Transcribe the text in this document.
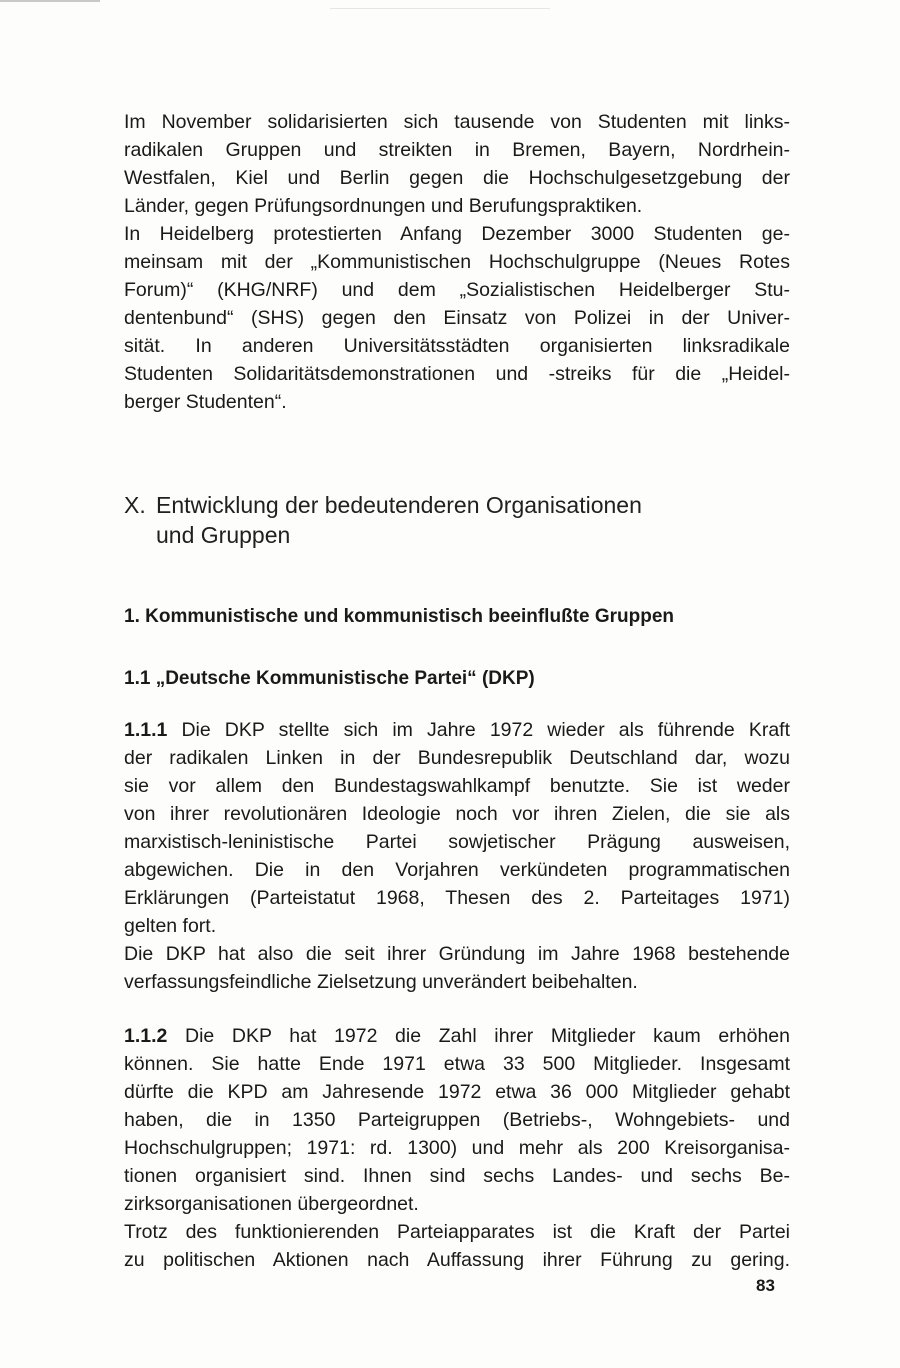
Im November solidarisierten sich tausende von Studenten mit links-
radikalen Gruppen und streikten in Bremen, Bayern, Nordrhein-
Westfalen, Kiel und Berlin gegen die Hochschulgesetzgebung der
Länder, gegen Prüfungsordnungen und Berufungspraktiken.
In Heidelberg protestierten Anfang Dezember 3000 Studenten ge-
meinsam mit der „Kommunistischen Hochschulgruppe (Neues Rotes
Forum)“ (KHG/NRF) und dem „Sozialistischen Heidelberger Stu-
dentenbund“ (SHS) gegen den Einsatz von Polizei in der Univer-
sität. In anderen Universitätsstädten organisierten linksradikale
Studenten Solidaritätsdemonstrationen und -streiks für die „Heidel-
berger Studenten“.
X. Entwicklung der bedeutenderen Organisationen
und Gruppen
1. Kommunistische und kommunistisch beeinflußte Gruppen
1.1 „Deutsche Kommunistische Partei“ (DKP)
1.1.1 Die DKP stellte sich im Jahre 1972 wieder als führende Kraft
der radikalen Linken in der Bundesrepublik Deutschland dar, wozu
sie vor allem den Bundestagswahlkampf benutzte. Sie ist weder
von ihrer revolutionären Ideologie noch vor ihren Zielen, die sie als
marxistisch-leninistische Partei sowjetischer Prägung ausweisen,
abgewichen. Die in den Vorjahren verkündeten programmatischen
Erklärungen (Parteistatut 1968, Thesen des 2. Parteitages 1971)
gelten fort.
Die DKP hat also die seit ihrer Gründung im Jahre 1968 bestehende
verfassungsfeindliche Zielsetzung unverändert beibehalten.
1.1.2 Die DKP hat 1972 die Zahl ihrer Mitglieder kaum erhöhen
können. Sie hatte Ende 1971 etwa 33 500 Mitglieder. Insgesamt
dürfte die KPD am Jahresende 1972 etwa 36 000 Mitglieder gehabt
haben, die in 1350 Parteigruppen (Betriebs-, Wohngebiets- und
Hochschulgruppen; 1971: rd. 1300) und mehr als 200 Kreisorganisa-
tionen organisiert sind. Ihnen sind sechs Landes- und sechs Be-
zirksorganisationen übergeordnet.
Trotz des funktionierenden Parteiapparates ist die Kraft der Partei
zu politischen Aktionen nach Auffassung ihrer Führung zu gering.
83
